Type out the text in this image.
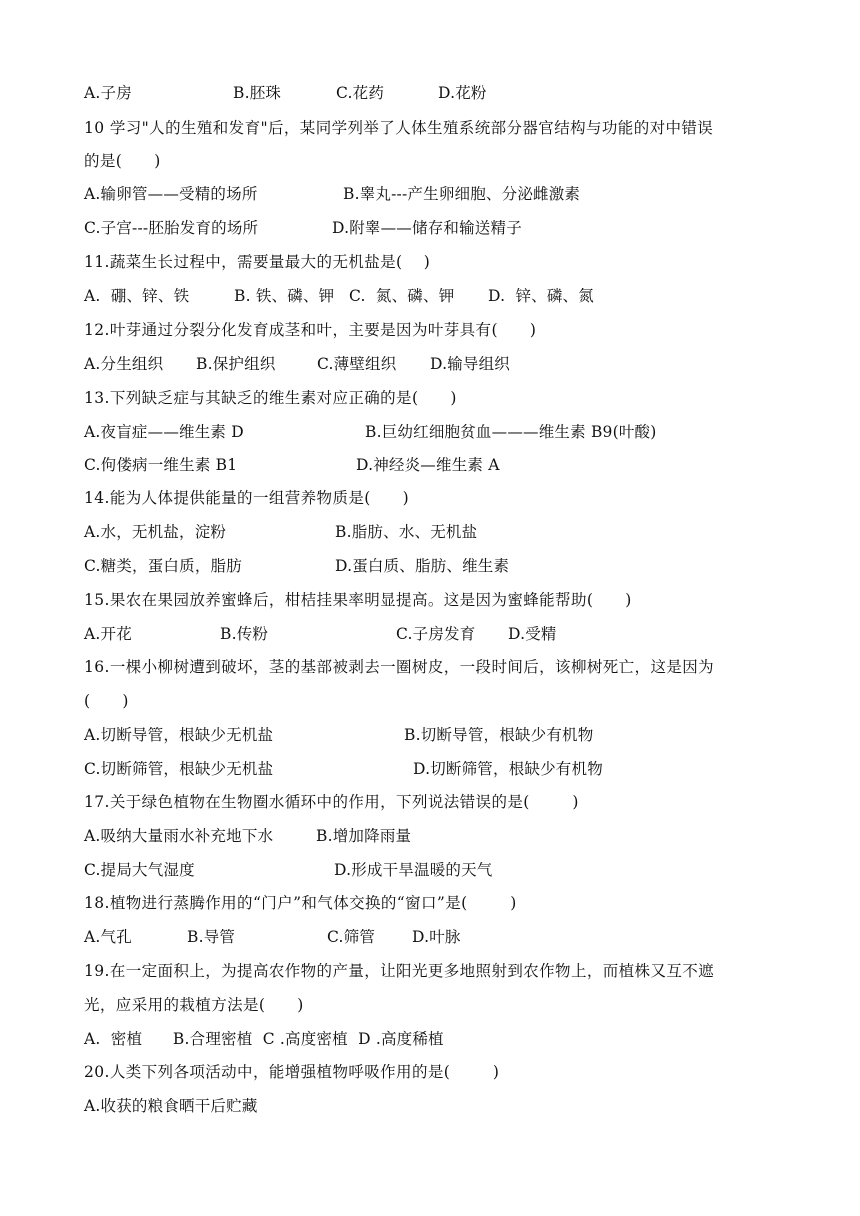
A.子房

	B.胚珠

	C.花药

	D.花粉

10 学习"人的生殖和发育"后，某同学列举了人体生殖系统部分器官结构与功能的对中错误
的是(      )

A.输卵管——受精的场所

	B.睾丸---产生卵细胞、分泌雌激素

C.子宫---胚胎发育的场所

	D.附睾——储存和输送精子

11.蔬菜生长过程中，需要量最大的无机盐是(    )

A.  硼、锌、铁

	B. 铁、磷、钾

C.  氮、磷、钾

D.  锌、磷、氮

12.叶芽通过分裂分化发育成茎和叶，主要是因为叶芽具有(      )

A.分生组织

B.保护组织

	C.薄壁组织

D.输导组织

13.下列缺乏症与其缺乏的维生素对应正确的是(      )

A.夜盲症——维生素 D

	B.巨幼红细胞贫血———维生素 B9(叶酸)

C.佝偻病一维生素 B1

	D.神经炎—维生素 A

14.能为人体提供能量的一组营养物质是(      )

A.水，无机盐，淀粉

	B.脂肪、水、无机盐

C.糖类，蛋白质，脂肪

	D.蛋白质、脂肪、维生素

15.果农在果园放养蜜蜂后，柑桔挂果率明显提高。这是因为蜜蜂能帮助(      )

A.开花

	B.传粉

	C.子房发育

D.受精

16.一棵小柳树遭到破坏，茎的基部被剥去一圈树皮，一段时间后，该柳树死亡，这是因为
(      )

A.切断导管，根缺少无机盐

	B.切断导管，根缺少有机物

C.切断筛管，根缺少无机盐

	D.切断筛管，根缺少有机物

17.关于绿色植物在生物圈水循环中的作用，下列说法错误的是(        )

A.吸纳大量雨水补充地下水

	B.增加降雨量

C.提局大气湿度

	D.形成干旱温暖的天气

18.植物进行蒸腾作用的“门户”和气体交换的“窗口”是(        )

A.气孔

	B.导管

	C.筛管

D.叶脉

19.在一定面积上，为提高农作物的产量，让阳光更多地照射到农作物上，而植株又互不遮
光，应采用的栽植方法是(      )
A.  密植      B.合理密植  C .高度密植  D .高度稀植
20.人类下列各项活动中，能增强植物呼吸作用的是(        )
A.收获的粮食晒干后贮藏
